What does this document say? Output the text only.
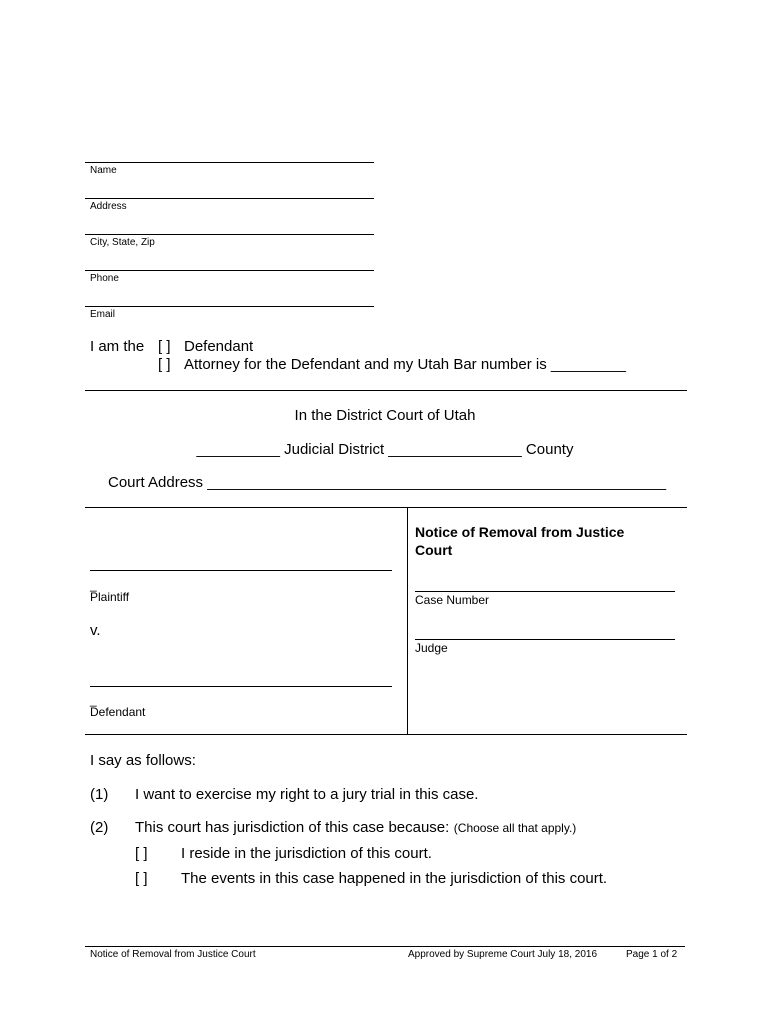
Name
Address
City, State, Zip
Phone
Email
I am the [ ] Defendant
[ ] Attorney for the Defendant and my Utah Bar number is _________
In the District Court of Utah
__________ Judicial District ________________ County
Court Address _______________________________________________________
_
Plaintiff
v.
_
Defendant
Notice of Removal from Justice Court
Case Number
Judge
I say as follows:
(1) I want to exercise my right to a jury trial in this case.
(2) This court has jurisdiction of this case because: (Choose all that apply.)
[ ] I reside in the jurisdiction of this court.
[ ] The events in this case happened in the jurisdiction of this court.
Notice of Removal from Justice Court	Approved by Supreme Court July 18, 2016	Page 1 of 2
